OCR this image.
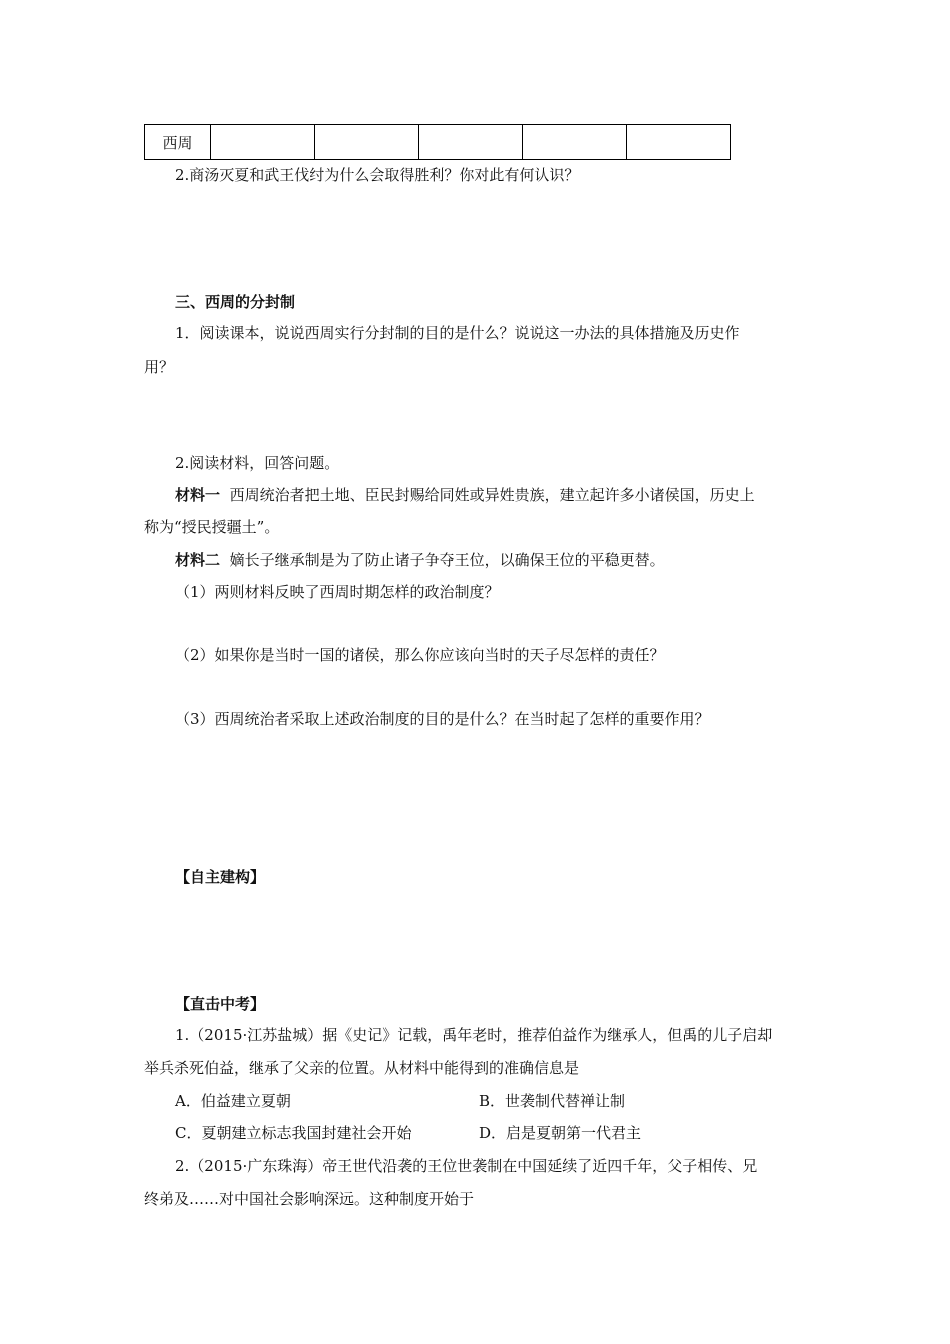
西周					
2.商汤灭夏和武王伐纣为什么会取得胜利？你对此有何认识？
三、西周的分封制
1．阅读课本，说说西周实行分封制的目的是什么？说说这一办法的具体措施及历史作
用？
2.阅读材料，回答问题。
材料一 西周统治者把土地、臣民封赐给同姓或异姓贵族，建立起许多小诸侯国，历史上
称为“授民授疆土”。
材料二 嫡长子继承制是为了防止诸子争夺王位，以确保王位的平稳更替。
（1）两则材料反映了西周时期怎样的政治制度？
（2）如果你是当时一国的诸侯，那么你应该向当时的天子尽怎样的责任？
（3）西周统治者采取上述政治制度的目的是什么？在当时起了怎样的重要作用？
【自主建构】
【直击中考】
1.（2015·江苏盐城）据《史记》记载，禹年老时，推荐伯益作为继承人，但禹的儿子启却
举兵杀死伯益，继承了父亲的位置。从材料中能得到的准确信息是
A．伯益建立夏朝	B．世袭制代替禅让制
C．夏朝建立标志我国封建社会开始	D．启是夏朝第一代君主
2.（2015·广东珠海）帝王世代沿袭的王位世袭制在中国延续了近四千年，父子相传、兄
终弟及……对中国社会影响深远。这种制度开始于
